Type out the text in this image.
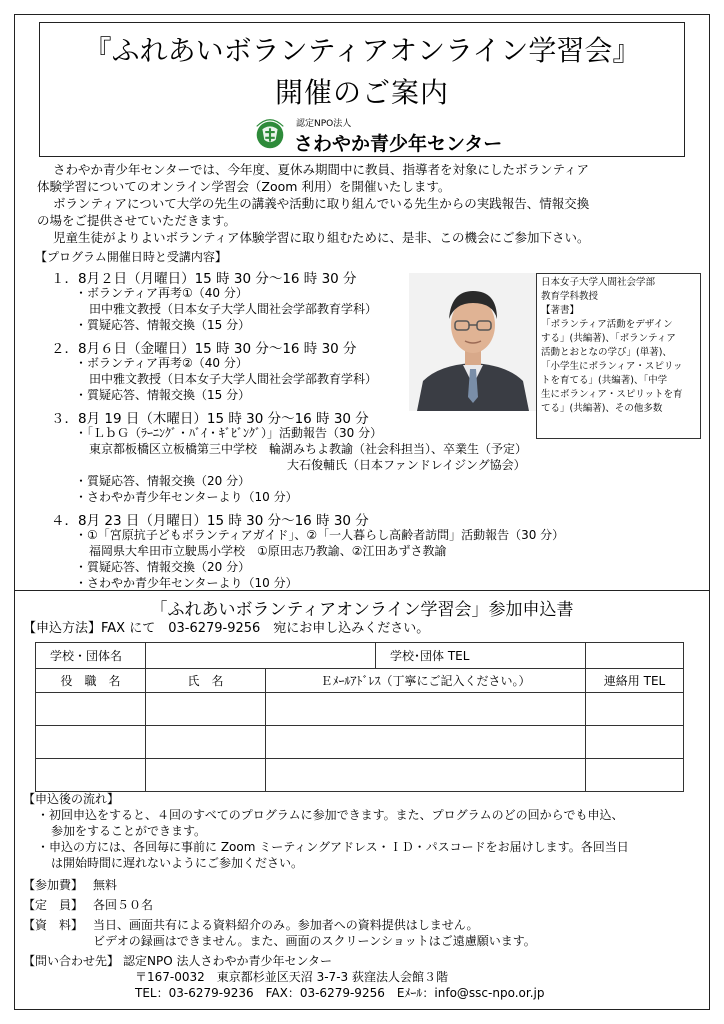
『ふれあいボランティアオンライン学習会』
開催のご案内
認定NPO法人
さわやか青少年センター
さわやか青少年センターでは、今年度、夏休み期間中に教員、指導者を対象にしたボランティア
体験学習についてのオンライン学習会（Zoom 利用）を開催いたします。
ボランティアについて大学の先生の講義や活動に取り組んでいる先生からの実践報告、情報交換
の場をご提供させていただきます。
児童生徒がよりよいボランティア体験学習に取り組むために、是非、この機会にご参加下さい。
【プログラム開催日時と受講内容】
１．8月２日（月曜日）15 時 30 分～16 時 30 分
・ボランティア再考①（40 分）
田中雅文教授（日本女子大学人間社会学部教育学科）
・質疑応答、情報交換（15 分）
２．8月６日（金曜日）15 時 30 分～16 時 30 分
・ボランティア再考②（40 分）
田中雅文教授（日本女子大学人間社会学部教育学科）
・質疑応答、情報交換（15 分）
３．8月 19 日（木曜日）15 時 30 分～16 時 30 分
・「ＬｂＧ（ﾗｰﾆﾝｸﾞ・ﾊﾞｲ・ｷﾞﾋﾞﾝｸﾞ）」活動報告（30 分）
東京都板橋区立板橋第三中学校　輪湖みちよ教諭（社会科担当）、卒業生（予定）
大石俊輔氏（日本ファンドレイジング協会）
・質疑応答、情報交換（20 分）
・さわやか青少年センターより（10 分）
４．8月 23 日（月曜日）15 時 30 分～16 時 30 分
・①「宮原抗子どもボランティアガイド」、②「一人暮らし高齢者訪問」活動報告（30 分）
福岡県大牟田市立駛馬小学校　①原田志乃教諭、②江田あずさ教諭
・質疑応答、情報交換（20 分）
・さわやか青少年センターより（10 分）
日本女子大学人間社会学部
教育学科教授
【著書】
「ボランティア活動をデザイン
する」(共編著)、「ボランティア
活動とおとなの学び」(単著)、
「小学生にボランィア・スピリッ
トを育てる」(共編著)、「中学
生にボランィア・スピリットを育
てる」(共編著)、その他多数
「ふれあいボランティアオンライン学習会」参加申込書
【申込方法】FAX にて　03-6279-9256　宛にお申し込みください。
学校・団体名			学校･団体 TEL	
役　職　名	氏　名	Ｅﾒｰﾙｱﾄﾞﾚｽ（丁寧にご記入ください。）		連絡用 TEL

【申込後の流れ】
・初回申込をすると、４回のすべてのプログラムに参加できます。また、プログラムのどの回からでも申込、
参加をすることができます。
・申込の方には、各回毎に事前に Zoom ミーティングアドレス・ＩＤ・パスコードをお届けします。各回当日
は開始時間に遅れないようにご参加ください。
【参加費】 無料
【定　員】 各回５０名
【資　料】 当日、画面共有による資料紹介のみ。参加者への資料提供はしません。
ビデオの録画はできません。また、画面のスクリーンショットはご遠慮願います。
【問い合わせ先】 認定NPO 法人さわやか青少年センター
〒167-0032　東京都杉並区天沼 3-7-3 荻窪法人会館３階
TEL：03-6279-9236　FAX：03-6279-9256　Eﾒｰﾙ：info@ssc-npo.or.jp
